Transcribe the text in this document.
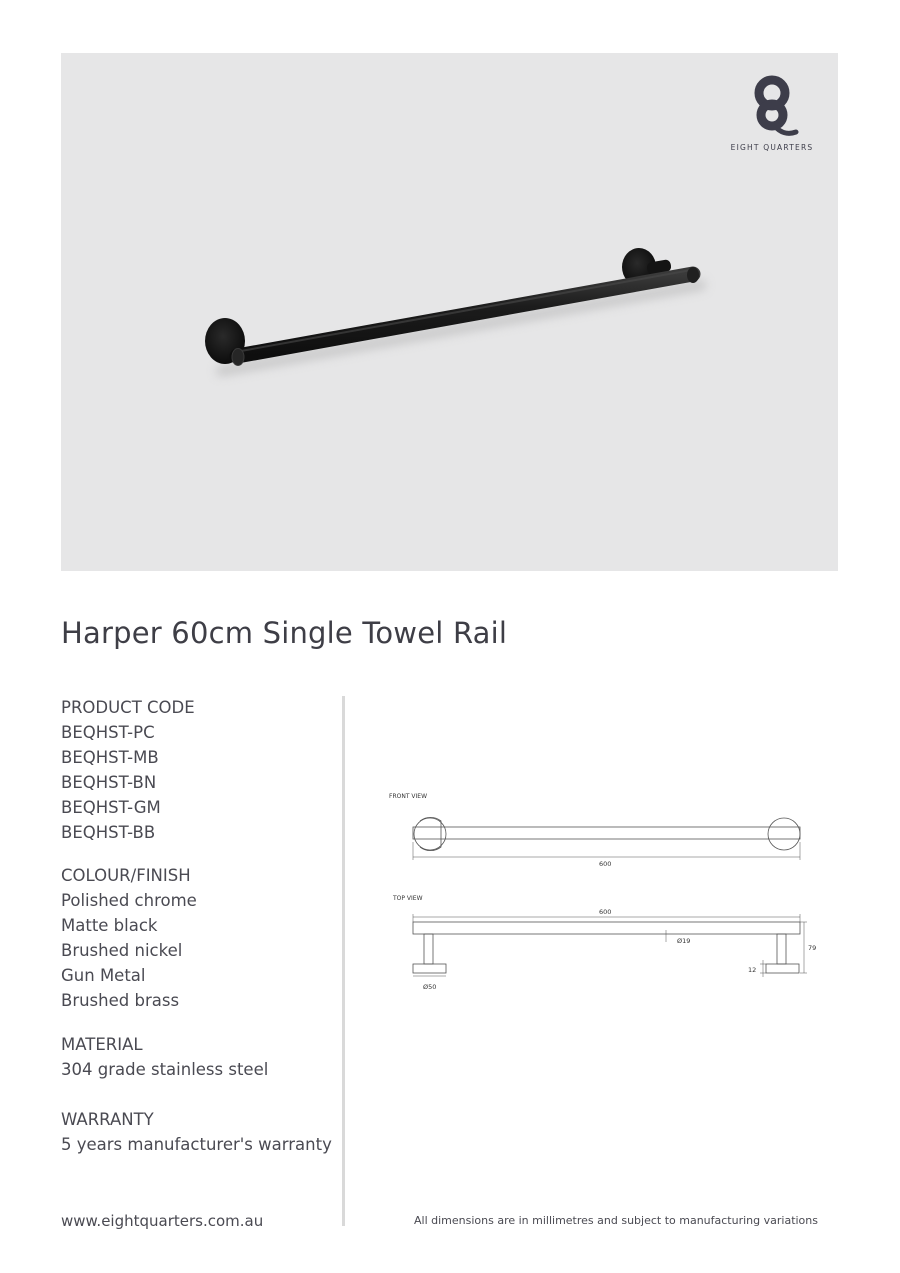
EIGHT QUARTERS
Harper 60cm Single Towel Rail
PRODUCT CODE
BEQHST-PC
BEQHST-MB
BEQHST-BN
BEQHST-GM
BEQHST-BB
COLOUR/FINISH
Polished chrome
Matte black
Brushed nickel
Gun Metal
Brushed brass
MATERIAL
304 grade stainless steel
WARRANTY
5 years manufacturer's warranty
FRONT VIEW
600
TOP VIEW
600
Ø19
79
12
Ø50
www.eightquarters.com.au	All dimensions are in millimetres and subject to manufacturing variations
